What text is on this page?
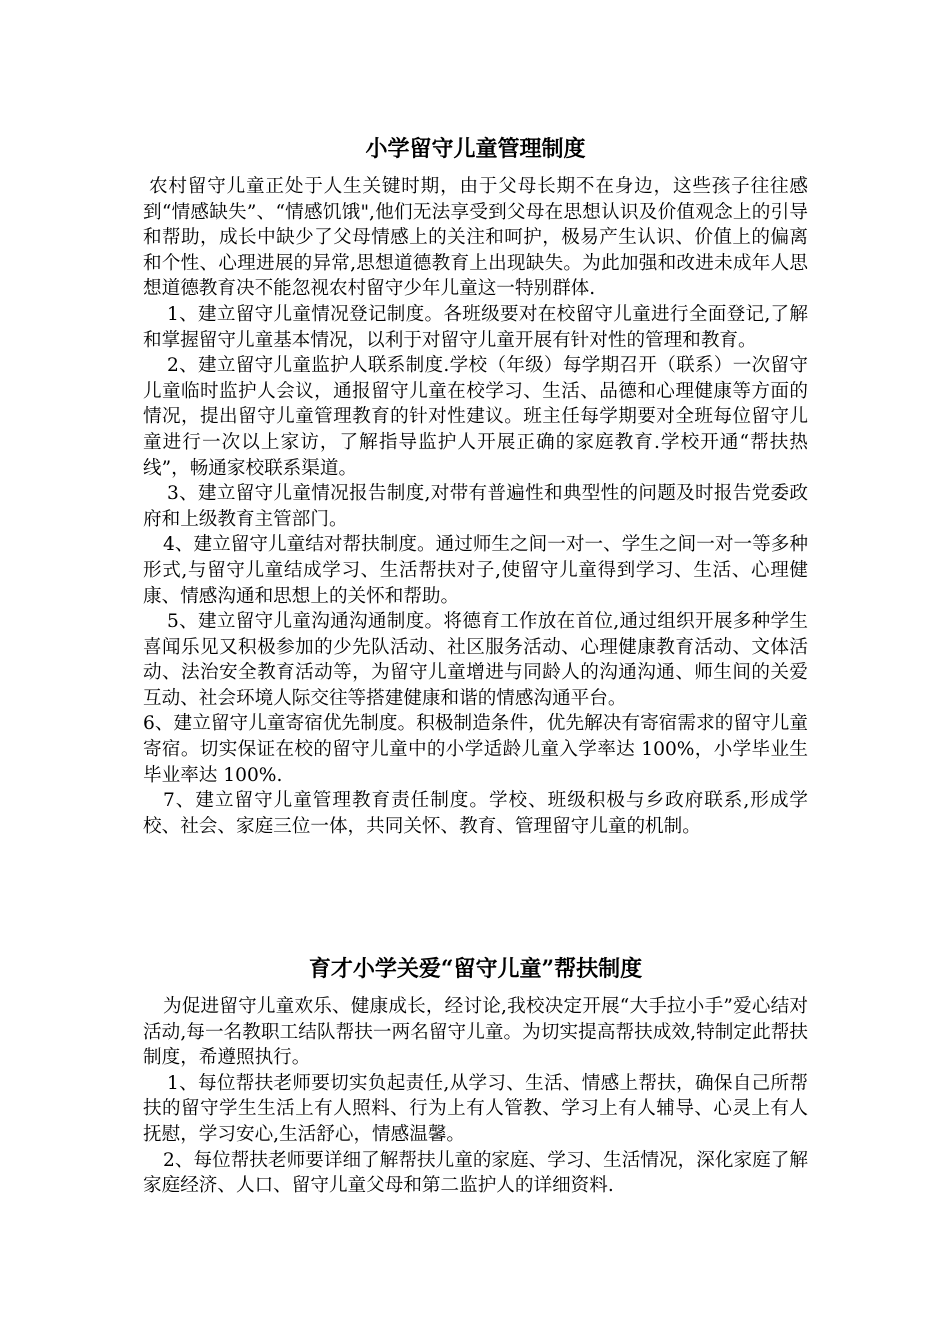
小学留守儿童管理制度

农村留守儿童正处于人生关键时期，由于父母长期不在身边，这些孩子往往感到“情感缺失”、“情感饥饿",他们无法享受到父母在思想认识及价值观念上的引导和帮助，成长中缺少了父母情感上的关注和呵护，极易产生认识、价值上的偏离和个性、心理进展的异常,思想道德教育上出现缺失。为此加强和改进未成年人思想道德教育决不能忽视农村留守少年儿童这一特别群体.

1、建立留守儿童情况登记制度。各班级要对在校留守儿童进行全面登记,了解和掌握留守儿童基本情况，以利于对留守儿童开展有针对性的管理和教育。

2、建立留守儿童监护人联系制度.学校（年级）每学期召开（联系）一次留守儿童临时监护人会议，通报留守儿童在校学习、生活、品德和心理健康等方面的情况，提出留守儿童管理教育的针对性建议。班主任每学期要对全班每位留守儿童进行一次以上家访，了解指导监护人开展正确的家庭教育.学校开通“帮扶热线”，畅通家校联系渠道。

3、建立留守儿童情况报告制度,对带有普遍性和典型性的问题及时报告党委政府和上级教育主管部门。

4、建立留守儿童结对帮扶制度。通过师生之间一对一、学生之间一对一等多种形式,与留守儿童结成学习、生活帮扶对子,使留守儿童得到学习、生活、心理健康、情感沟通和思想上的关怀和帮助。

5、建立留守儿童沟通沟通制度。将德育工作放在首位,通过组织开展多种学生喜闻乐见又积极参加的少先队活动、社区服务活动、心理健康教育活动、文体活动、法治安全教育活动等，为留守儿童增进与同龄人的沟通沟通、师生间的关爱互动、社会环境人际交往等搭建健康和谐的情感沟通平台。

6、建立留守儿童寄宿优先制度。积极制造条件，优先解决有寄宿需求的留守儿童寄宿。切实保证在校的留守儿童中的小学适龄儿童入学率达 100%，小学毕业生毕业率达 100%.

7、建立留守儿童管理教育责任制度。学校、班级积极与乡政府联系,形成学校、社会、家庭三位一体，共同关怀、教育、管理留守儿童的机制。

育才小学关爱“留守儿童”帮扶制度

为促进留守儿童欢乐、健康成长，经讨论,我校决定开展“大手拉小手”爱心结对活动,每一名教职工结队帮扶一两名留守儿童。为切实提高帮扶成效,特制定此帮扶制度，希遵照执行。

1、每位帮扶老师要切实负起责任,从学习、生活、情感上帮扶，确保自己所帮扶的留守学生生活上有人照料、行为上有人管教、学习上有人辅导、心灵上有人抚慰，学习安心,生活舒心，情感温馨。

2、每位帮扶老师要详细了解帮扶儿童的家庭、学习、生活情况，深化家庭了解家庭经济、人口、留守儿童父母和第二监护人的详细资料.
